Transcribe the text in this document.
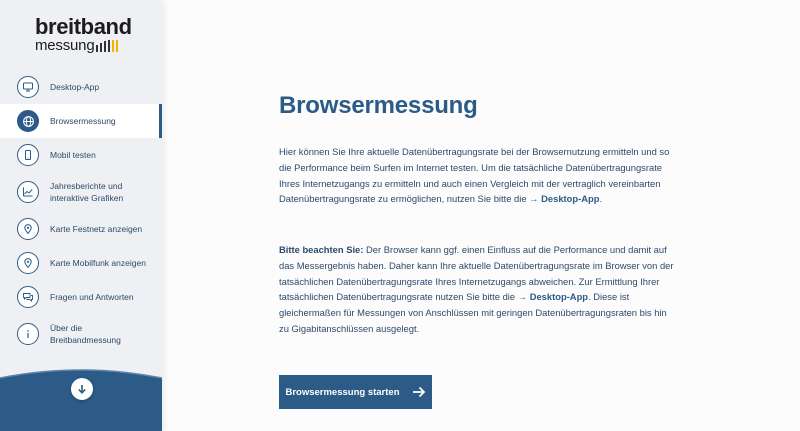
breitband
messung
Desktop-App
Browsermessung
Mobil testen
Jahresberichte und interaktive Grafiken
Karte Festnetz anzeigen
Karte Mobilfunk anzeigen
Fragen und Antworten
Über die Breitbandmessung
Browsermessung

Hier können Sie Ihre aktuelle Datenübertragungsrate bei der Browsernutzung ermitteln und so die Performance beim Surfen im Internet testen. Um die tatsächliche Datenübertragungsrate Ihres Internetzugangs zu ermitteln und auch einen Vergleich mit der vertraglich vereinbarten Datenübertragungsrate zu ermöglichen, nutzen Sie bitte die → Desktop-App.

Bitte beachten Sie: Der Browser kann ggf. einen Einfluss auf die Performance und damit auf das Messergebnis haben. Daher kann Ihre aktuelle Datenübertragungsrate im Browser von der tatsächlichen Datenübertragungsrate Ihres Internetzugangs abweichen. Zur Ermittlung Ihrer tatsächlichen Datenübertragungsrate nutzen Sie bitte die → Desktop-App. Diese ist gleichermaßen für Messungen von Anschlüssen mit geringen Datenübertragungsraten bis hin zu Gigabitanschlüssen ausgelegt.

Browsermessung starten
